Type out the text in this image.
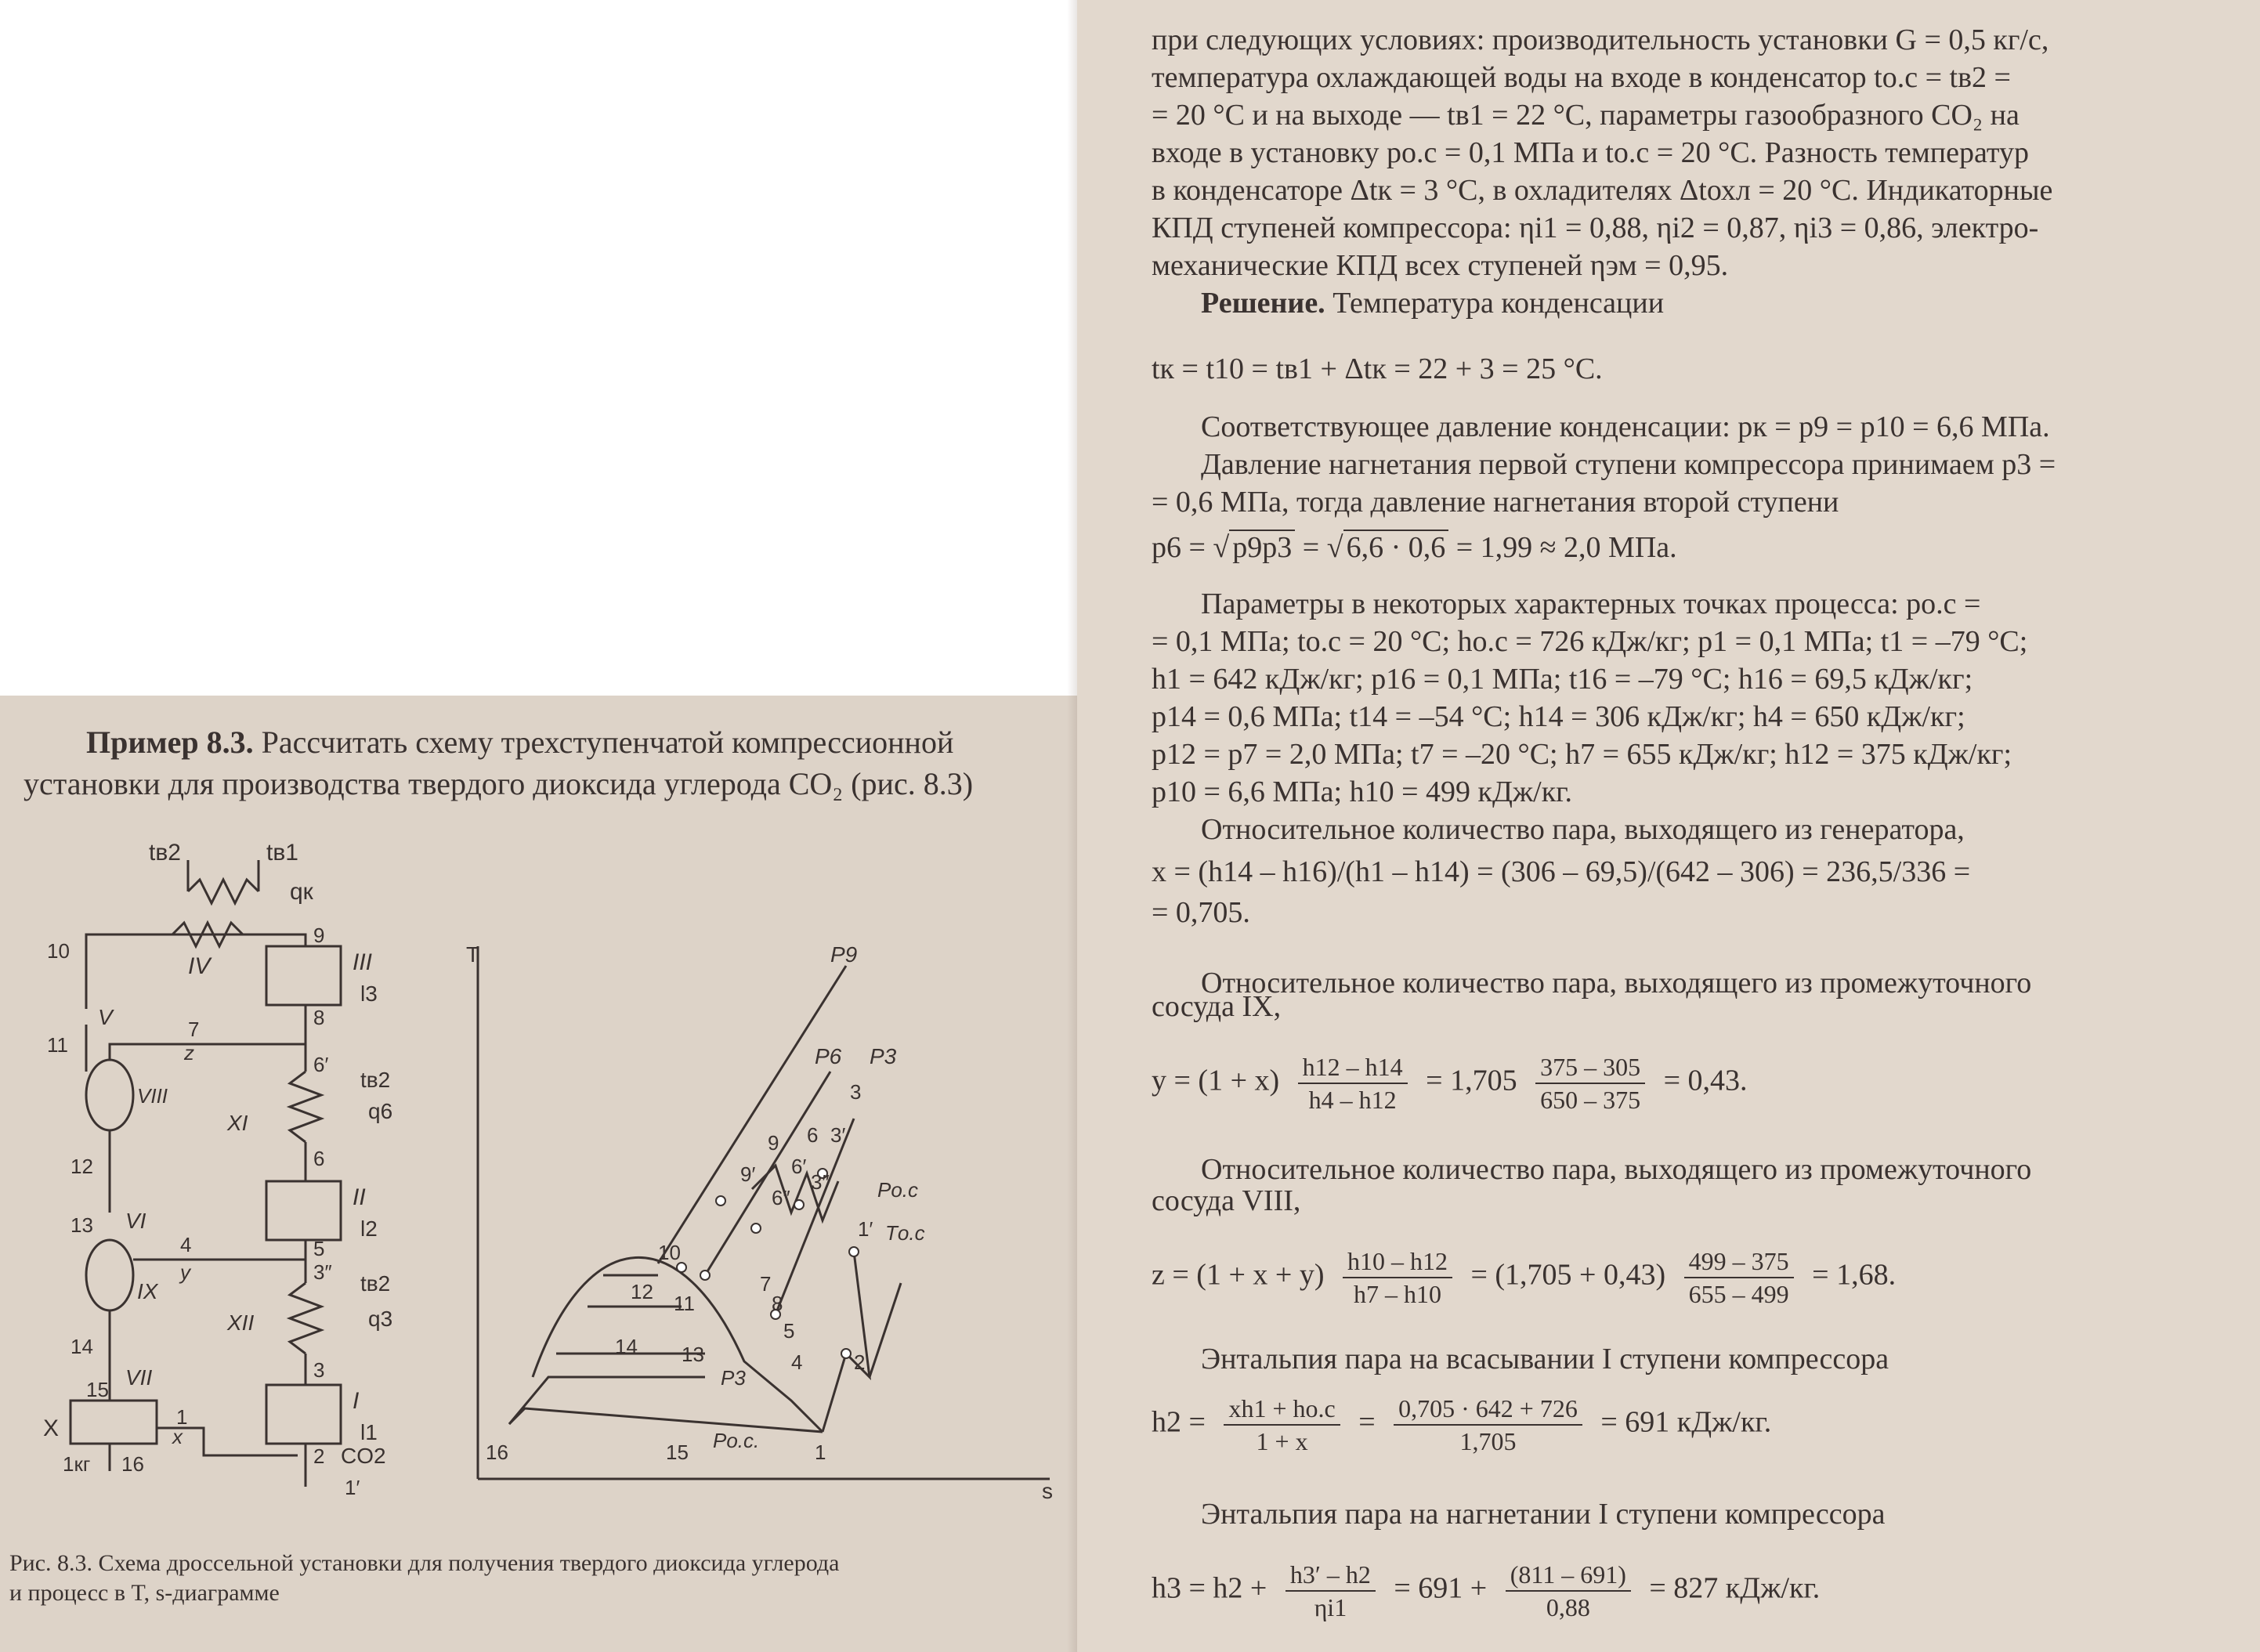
Пример 8.3. Рассчитать схему трехступенчатой компрессионной
установки для производства твердого диоксида углерода CO₂ (рис. 8.3)
tв2	tв1
qк
IV	III
l3
II
l2
I
l1
V
VI
VII
VIII
IX
X
XI
XII
tв2
q6
tв2
q3
CO2
1кг
1
1′
2
3
3″
4	5
6
6′
7	8
9
10
11
12
13
14
15
16
z
y
x
T
s
P9
P6 P3
Pо.с
Tо.с
P3
Pо.с.	1
1′
2
3
3′
3″
4
5
6
6′
6″
7
8
9
9′
10
11
12
13
14
15
16
Рис. 8.3. Схема дроссельной установки для получения твердого диоксида углерода
и процесс в T, s-диаграмме
при следующих условиях: производительность установки G = 0,5 кг/с,
температура охлаждающей воды на входе в конденсатор tо.с = tв2 =
= 20 °С и на выходе — tв1 = 22 °С, параметры газообразного CO₂ на
входе в установку pо.с = 0,1 МПа и tо.с = 20 °С. Разность температур
в конденсаторе Δtк = 3 °С, в охладителях Δtохл = 20 °С. Индикаторные
КПД ступеней компрессора: ηi1 = 0,88, ηi2 = 0,87, ηi3 = 0,86, электро-
механические КПД всех ступеней ηэм = 0,95.
Решение. Температура конденсации
tк = t10 = tв1 + Δtк = 22 + 3 = 25 °С.
Соответствующее давление конденсации: pк = p9 = p10 = 6,6 МПа.
Давление нагнетания первой ступени компрессора принимаем p3 =
= 0,6 МПа, тогда давление нагнетания второй ступени
p6 = √ p9p3 = √ 6,6 · 0,6 = 1,99 ≈ 2,0 МПа.
Параметры в некоторых характерных точках процесса: pо.с =
= 0,1 МПа; tо.с = 20 °С; hо.с = 726 кДж/кг; p1 = 0,1 МПа; t1 = –79 °С;
h1 = 642 кДж/кг; p16 = 0,1 МПа; t16 = –79 °С; h16 = 69,5 кДж/кг;
p14 = 0,6 МПа; t14 = –54 °С; h14 = 306 кДж/кг; h4 = 650 кДж/кг;
p12 = p7 = 2,0 МПа; t7 = –20 °С; h7 = 655 кДж/кг; h12 = 375 кДж/кг;
p10 = 6,6 МПа; h10 = 499 кДж/кг.
Относительное количество пара, выходящего из генератора,
x = (h14 – h16)/(h1 – h14) = (306 – 69,5)/(642 – 306) = 236,5/336 =
= 0,705.
Относительное количество пара, выходящего из промежуточного
сосуда IX,
$y = (1 + x) \frac{h12 - h14}{h4 - h12} = 1,705 \frac{375 - 305}{650 - 375} = 0,43$.
Относительное количество пара, выходящего из промежуточного
сосуда VIII,
$z = (1 + x + y) \frac{h10 - h12}{h7 - h10} = (1,705 + 0,43) \frac{499 - 375}{655 - 499} = 1,68$.
Энтальпия пара на всасывании I ступени компрессора
$h2 = \frac{xh1 + hо.с}{1 + x} = \frac{0,705 \cdot 642 + 726}{1,705} = 691$ кДж/кг.
Энтальпия пара на нагнетании I ступени компрессора
$h3 = h2 + \frac{h3' - h2}{\eta i1} = 691 + \frac{(811 - 691)}{0,88} = 827$ кДж/кг.
